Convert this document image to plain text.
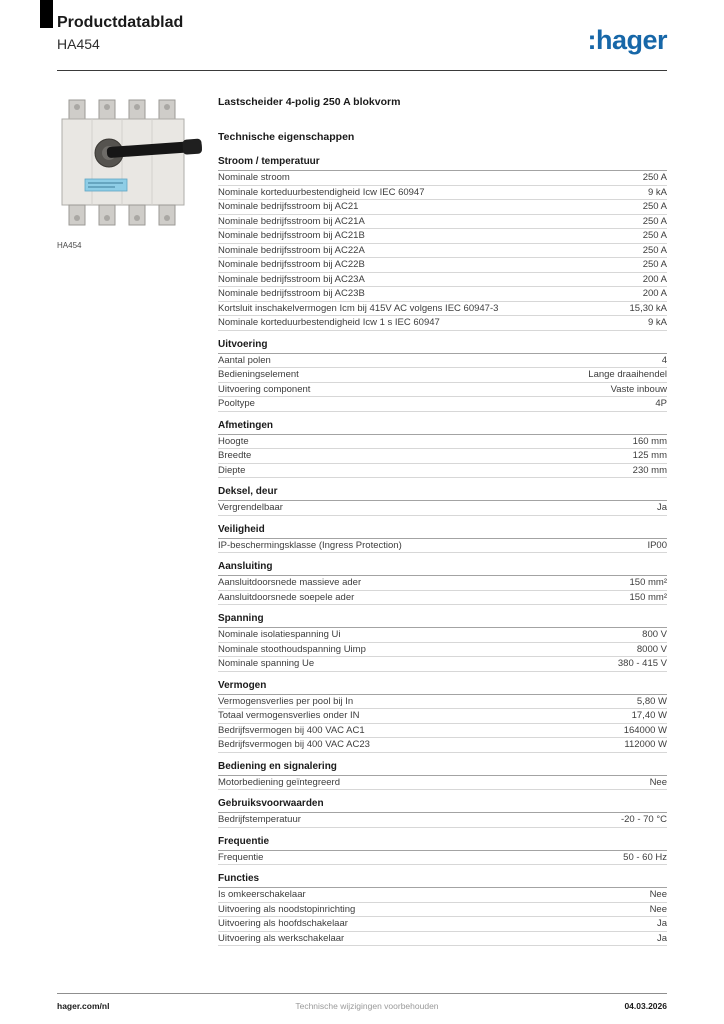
Productdatablad
HA454	:hager
HA454
Lastscheider 4-polig 250 A blokvorm
Technische eigenschappen
Stroom / temperatuur
Nominale stroom	250 A
Nominale korteduurbestendigheid Icw IEC 60947	9 kA
Nominale bedrijfsstroom bij AC21	250 A
Nominale bedrijfsstroom bij AC21A	250 A
Nominale bedrijfsstroom bij AC21B	250 A
Nominale bedrijfsstroom bij AC22A	250 A
Nominale bedrijfsstroom bij AC22B	250 A
Nominale bedrijfsstroom bij AC23A	200 A
Nominale bedrijfsstroom bij AC23B	200 A
Kortsluit inschakelvermogen Icm bij 415V AC volgens IEC 60947-3	15,30 kA
Nominale korteduurbestendigheid Icw 1 s IEC 60947	9 kA
Uitvoering
Aantal polen	4
Bedieningselement	Lange draaihendel
Uitvoering component	Vaste inbouw
Pooltype	4P
Afmetingen
Hoogte	160 mm
Breedte	125 mm
Diepte	230 mm
Deksel, deur
Vergrendelbaar	Ja
Veiligheid
IP-beschermingsklasse (Ingress Protection)	IP00
Aansluiting
Aansluitdoorsnede massieve ader	150 mm²
Aansluitdoorsnede soepele ader	150 mm²
Spanning
Nominale isolatiespanning Ui	800 V
Nominale stoothoudspanning Uimp	8000 V
Nominale spanning Ue	380 - 415 V
Vermogen
Vermogensverlies per pool bij In	5,80 W
Totaal vermogensverlies onder IN	17,40 W
Bedrijfsvermogen bij 400 VAC AC1	164000 W
Bedrijfsvermogen bij 400 VAC AC23	112000 W
Bediening en signalering
Motorbediening geïntegreerd	Nee
Gebruiksvoorwaarden
Bedrijfstemperatuur	-20 - 70 °C
Frequentie
Frequentie	50 - 60 Hz
Functies
Is omkeerschakelaar	Nee
Uitvoering als noodstopinrichting	Nee
Uitvoering als hoofdschakelaar	Ja
Uitvoering als werkschakelaar	Ja
hager.com/nl	Technische wijzigingen voorbehouden	04.03.2026
